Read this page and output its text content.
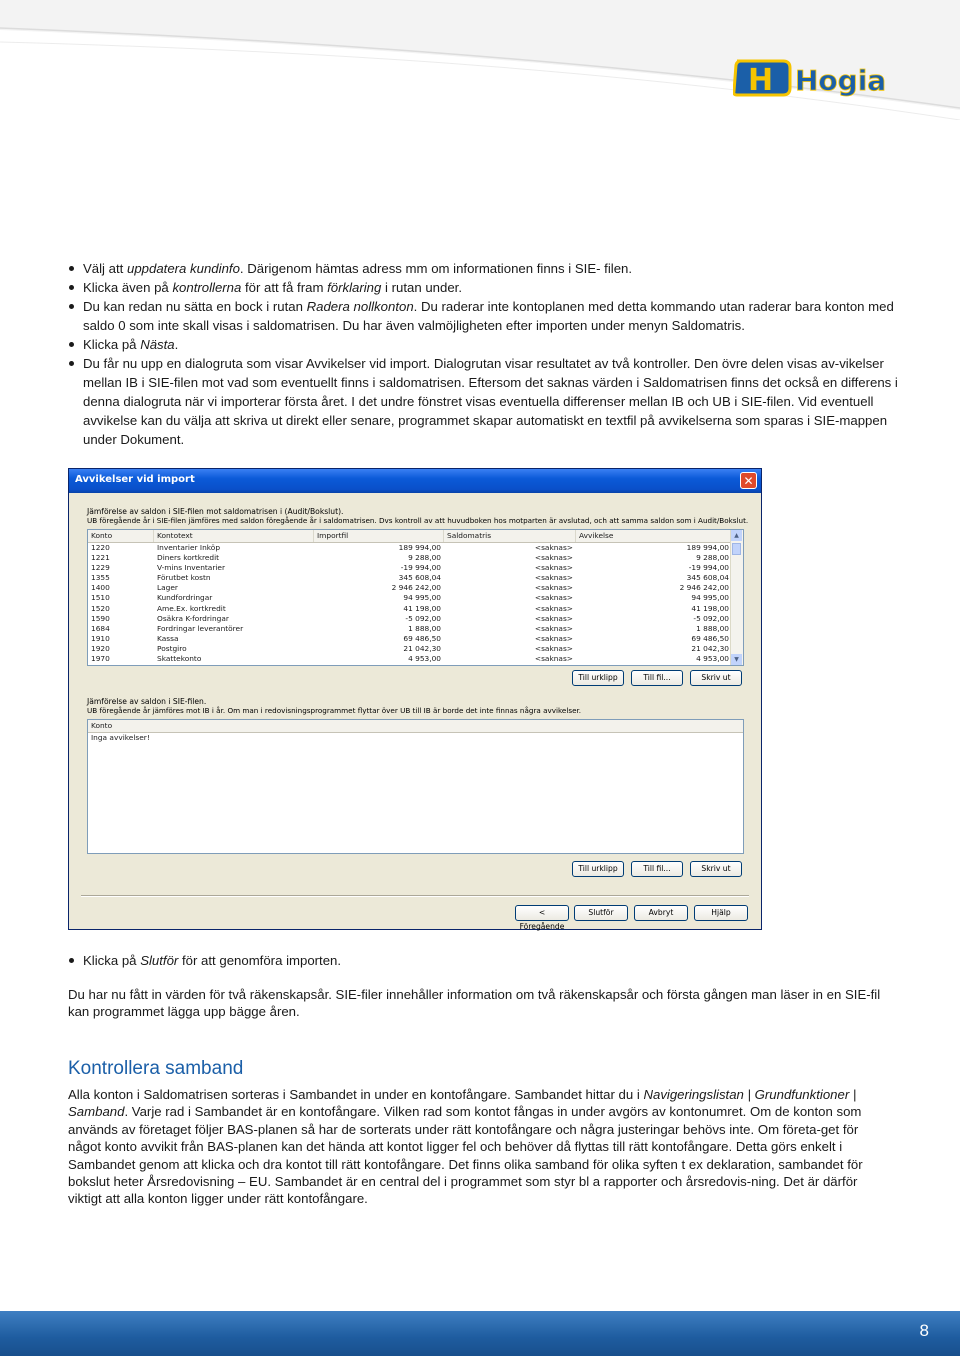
H Hogia
Välj att uppdatera kundinfo. Därigenom hämtas adress mm om informationen finns i SIE- filen.
Klicka även på kontrollerna för att få fram förklaring i rutan under.
Du kan redan nu sätta en bock i rutan Radera nollkonton. Du raderar inte kontoplanen med detta kommando utan raderar bara konton med saldo 0 som inte skall visas i saldomatrisen. Du har även valmöjligheten efter importen under menyn Saldomatris.
Klicka på Nästa.
Du får nu upp en dialogruta som visar Avvikelser vid import. Dialogrutan visar resultatet av två kontroller. Den övre delen visas av-vikelser mellan IB i SIE-filen mot vad som eventuellt finns i saldomatrisen. Eftersom det saknas värden i Saldomatrisen finns det också en differens i denna dialogruta när vi importerar första året. I det undre fönstret visas eventuella differenser mellan IB och UB i SIE-filen. Vid eventuell avvikelse kan du välja att skriva ut direkt eller senare, programmet skapar automatiskt en textfil på avvikelserna som sparas i SIE-mappen under Dokument.
Avvikelser vid import	✕
Jämförelse av saldon i SIE-filen mot saldomatrisen i (Audit/Bokslut).
UB föregående år i SIE-filen jämföres med saldon föregående år i saldomatrisen. Dvs kontroll av att huvudboken hos motparten är avslutad, och att samma saldon som i Audit/Bokslut.
Konto	Kontotext	Importfil	Saldomatris	Avvikelse
1220	Inventarier Inköp	189 994,00	<saknas>	189 994,00
1221	Diners kortkredit	9 288,00	<saknas>	9 288,00
1229	V-mins Inventarier	-19 994,00	<saknas>	-19 994,00
1355	Förutbet kostn	345 608,04	<saknas>	345 608,04
1400	Lager	2 946 242,00	<saknas>	2 946 242,00
1510	Kundfordringar	94 995,00	<saknas>	94 995,00
1520	Ame.Ex. kortkredit	41 198,00	<saknas>	41 198,00
1590	Osäkra K-fordringar	-5 092,00	<saknas>	-5 092,00
1684	Fordringar leverantörer	1 888,00	<saknas>	1 888,00
1910	Kassa	69 486,50	<saknas>	69 486,50
1920	Postgiro	21 042,30	<saknas>	21 042,30
1970	Skattekonto	4 953,00	<saknas>	4 953,00
▲
▼
Till urklipp	Till fil...	Skriv ut
Jämförelse av saldon i SIE-filen.
UB föregående år jämföres mot IB i år. Om man i redovisningsprogrammet flyttar över UB till IB är borde det inte finnas några avvikelser.
Konto
Inga avvikelser!
Till urklipp	Till fil...	Skriv ut
< Föregående
Slutför	Avbryt	Hjälp
Klicka på Slutför för att genomföra importen.

Du har nu fått in värden för två räkenskapsår. SIE-filer innehåller information om två räkenskapsår och första gången man läser in en SIE-fil kan programmet lägga upp bägge åren.

Kontrollera samband

Alla konton i Saldomatrisen sorteras i Sambandet in under en kontofångare. Sambandet hittar du i Navigeringslistan | Grundfunktioner | Samband. Varje rad i Sambandet är en kontofångare. Vilken rad som kontot fångas in under avgörs av kontonumret. Om de konton som används av företaget följer BAS-planen så har de sorterats under rätt kontofångare och några justeringar behövs inte. Om företa-get för något konto avvikit från BAS-planen kan det hända att kontot ligger fel och behöver då flyttas till rätt kontofångare. Detta görs enkelt i Sambandet genom att klicka och dra kontot till rätt kontofångare. Det finns olika samband för olika syften t ex deklaration, sambandet för bokslut heter Årsredovisning – EU. Sambandet är en central del i programmet som styr bl a rapporter och årsredovis-ning. Det är därför viktigt att alla konton ligger under rätt kontofångare.

8
